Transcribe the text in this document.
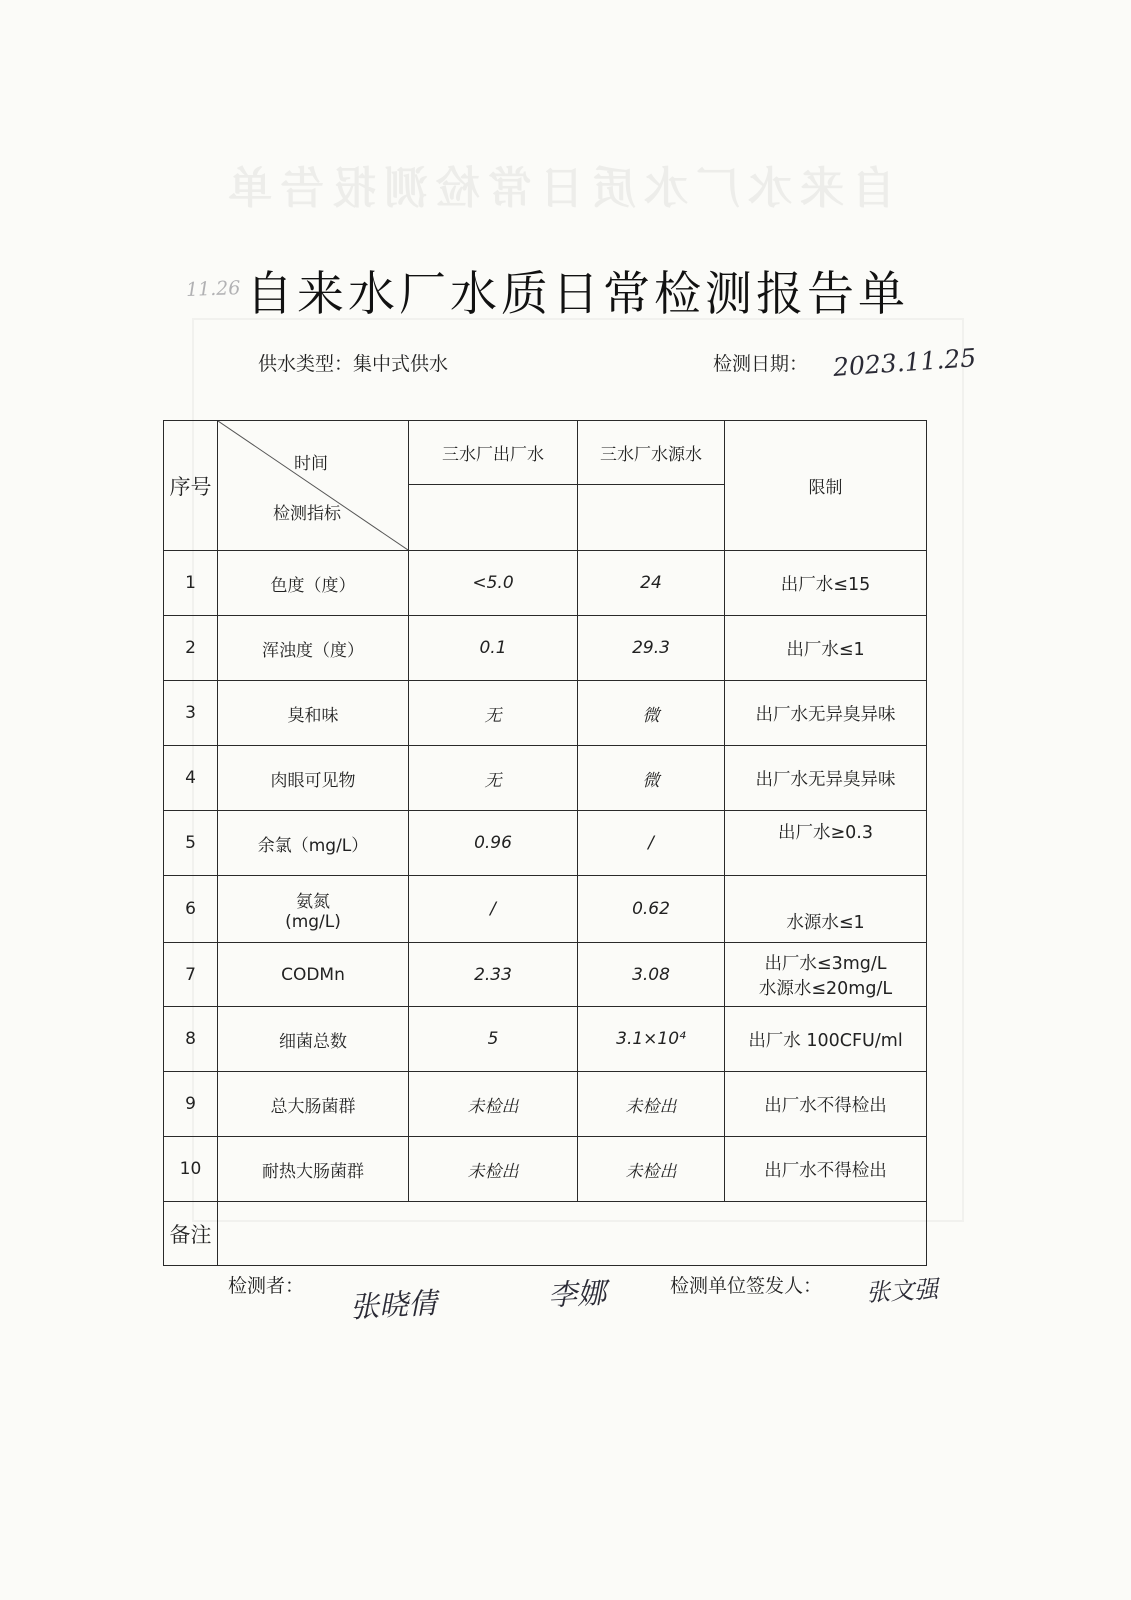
自来水厂水质日常检测报告单
11.26 自来水厂水质日常检测报告单
供水类型：集中式供水	检测日期： 2023.11.25
序号	时间
检测指标	三水厂出厂水	三水厂水源水	限制

1	色度（度）	<5.0	24	出厂水≤15
2	浑浊度（度）	0.1	29.3	出厂水≤1
3	臭和味	无	微	出厂水无异臭异味
4	肉眼可见物	无	微	出厂水无异臭异味
5	余氯（mg/L）	0.96	/	出厂水≥0.3
6	氨氮
(mg/L)	/	0.62	水源水≤1
7	CODMn	2.33	3.08	出厂水≤3mg/L
水源水≤20mg/L

8	细菌总数	5	3.1×10⁴	出厂水 100CFU/ml
9	总大肠菌群	未检出	未检出	出厂水不得检出
10	耐热大肠菌群	未检出	未检出	出厂水不得检出
备注				
检测者： 张晓倩	李娜	检测单位签发人： 张文强
